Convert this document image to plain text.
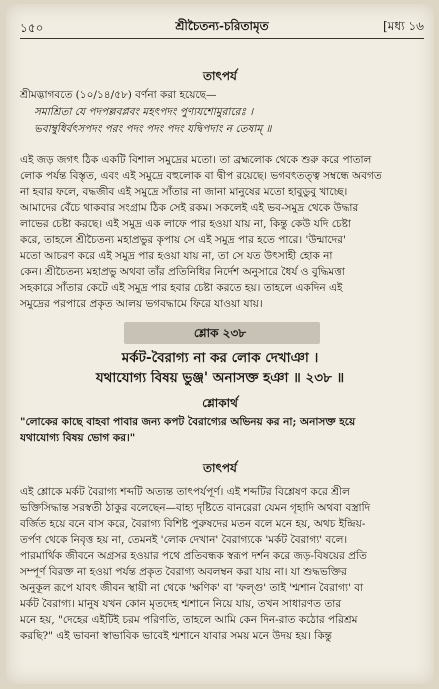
১৫০	শ্রীচৈতন্য-চরিতামৃত	[মধ্য ১৬
তাৎপর্য
শ্রীমদ্ভাগবতে (১০/১৪/৫৮) বর্ণনা করা হয়েছে—
সমাশ্রিতা যে পদপল্লবপ্লবং মহৎপদং পুণ্যযশোমুরারেঃ ।
ভবাম্বুধির্বৎসপদং পরং পদং পদং পদং যদ্বিপদাং ন তেষাম্ ॥
এই জড় জগৎ ঠিক একটি বিশাল সমুদ্রের মতো। তা ব্রহ্মলোক থেকে শুরু করে পাতাল
লোক পর্যন্ত বিস্তৃত, এবং এই সমুদ্রে বহুলোক বা দ্বীপ রয়েছে। ভগবৎতত্ত্ব সম্বন্ধে অবগত
না হবার ফলে, বদ্ধজীব এই সমুদ্রে সাঁতার না জানা মানুষের মতো হাবুডুবু খাচ্ছে।
আমাদের বেঁচে থাকবার সংগ্রাম ঠিক সেই রকম। সকলেই এই ভব-সমুদ্র থেকে উদ্ধার
লাভের চেষ্টা করছে। এই সমুদ্র এক লাফে পার হওয়া যায় না, কিন্তু কেউ যদি চেষ্টা
করে, তাহলে শ্রীচৈতন্য মহাপ্রভুর কৃপায় সে এই সমুদ্র পার হতে পারে। 'উন্মাদের'
মতো আচরণ করে এই সমুদ্র পার হওয়া যায় না, তা সে যত উৎসাহী হোক না
কেন। শ্রীচৈতন্য মহাপ্রভু অথবা তাঁর প্রতিনিধির নির্দেশ অনুসারে ধৈর্য ও বুদ্ধিমত্তা
সহকারে সাঁতার কেটে এই সমুদ্র পার হবার চেষ্টা করতে হয়। তাহলে একদিন এই
সমুদ্রের পরপারে প্রকৃত আলয় ভগবদ্ধামে ফিরে যাওয়া যায়।
শ্লোক ২৩৮
মর্কট-বৈরাগ্য না কর লোক দেখাঞা ।
যথাযোগ্য বিষয় ভুঞ্জ' অনাসক্ত হঞা ॥ ২৩৮ ॥
শ্লোকার্থ
"লোকের কাছে বাহবা পাবার জন্য কপট বৈরাগ্যের অভিনয় কর না; অনাসক্ত হয়ে
যথাযোগ্য বিষয় ভোগ কর।"
তাৎপর্য
এই শ্লোকে মর্কট বৈরাগ্য শব্দটি অত্যন্ত তাৎপর্যপূর্ণ। এই শব্দটির বিশ্লেষণ করে শ্রীল
ভক্তিসিদ্ধান্ত সরস্বতী ঠাকুর বলেছেন—বাহ্য দৃষ্টিতে বানরেরা যেমন গৃহাদি অথবা বস্ত্রাদি
বর্জিত হয়ে বনে বাস করে, বৈরাগ্য বিশিষ্ট পুরুষদের মতন বলে মনে হয়, অথচ ইন্দ্রিয়-
তর্পণ থেকে নিবৃত্ত হয় না, তেমনই 'লোক দেখান' বৈরাগ্যকে 'মর্কট বৈরাগ্য' বলে।
পারমার্থিক জীবনে অগ্রসর হওয়ার পথে প্রতিবন্ধক স্বরূপ দর্শন করে জড়-বিষয়ের প্রতি
সম্পূর্ণ বিরক্ত না হওয়া পর্যন্ত প্রকৃত বৈরাগ্য অবলম্বন করা যায় না। যা শুদ্ধভক্তির
অনুকূল রূপে যাবৎ জীবন স্থায়ী না থেকে 'ক্ষণিক' বা 'ফল্গু' তাই 'শ্মশান বৈরাগ্য' বা
মর্কট বৈরাগ্য। মানুষ যখন কোন মৃতদেহ শ্মশানে নিয়ে যায়, তখন সাধারণত তার
মনে হয়, "দেহের এইটিই চরম পরিণতি, তাহলে আমি কেন দিন-রাত কঠোর পরিশ্রম
করছি?" এই ভাবনা স্বাভাবিক ভাবেই শ্মশানে যাবার সময় মনে উদয় হয়। কিন্তু
